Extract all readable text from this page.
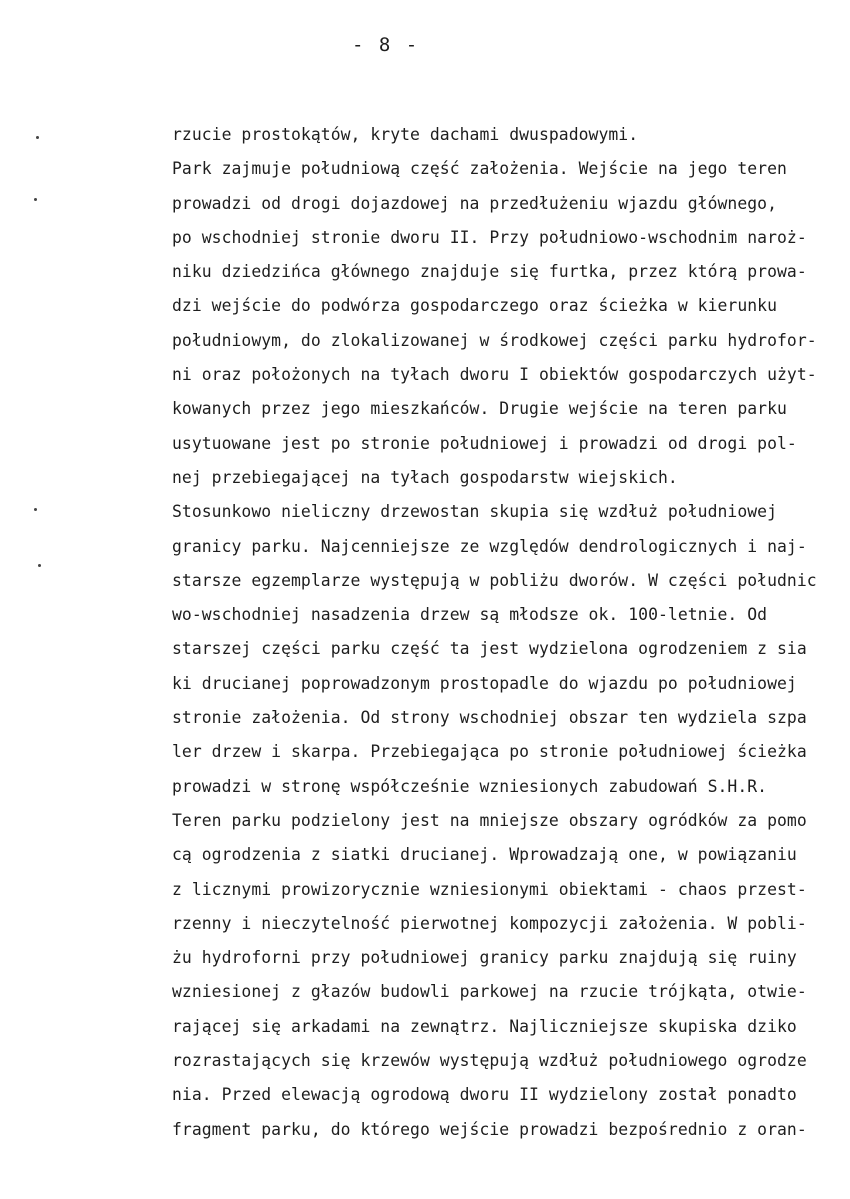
- 8 -
rzucie prostokątów, kryte dachami dwuspadowymi.
Park zajmuje południową część założenia. Wejście na jego teren
prowadzi od drogi dojazdowej na przedłużeniu wjazdu głównego,
po wschodniej stronie dworu II. Przy południowo-wschodnim naroż-
niku dziedzińca głównego znajduje się furtka, przez którą prowa-
dzi wejście do podwórza gospodarczego oraz ścieżka w kierunku
południowym, do zlokalizowanej w środkowej części parku hydrofor-
ni oraz położonych na tyłach dworu I obiektów gospodarczych użyt-
kowanych przez jego mieszkańców. Drugie wejście na teren parku
usytuowane jest po stronie południowej i prowadzi od drogi pol-
nej przebiegającej na tyłach gospodarstw wiejskich.
Stosunkowo nieliczny drzewostan skupia się wzdłuż południowej
granicy parku. Najcenniejsze ze względów dendrologicznych i naj-
starsze egzemplarze występują w pobliżu dworów. W części południc
wo-wschodniej nasadzenia drzew są młodsze ok. 100-letnie. Od
starszej części parku część ta jest wydzielona ogrodzeniem z sia
ki drucianej poprowadzonym prostopadle do wjazdu po południowej
stronie założenia. Od strony wschodniej obszar ten wydziela szpa
ler drzew i skarpa. Przebiegająca po stronie południowej ścieżka
prowadzi w stronę współcześnie wzniesionych zabudowań S.H.R.
Teren parku podzielony jest na mniejsze obszary ogródków za pomo
cą ogrodzenia z siatki drucianej. Wprowadzają one, w powiązaniu
z licznymi prowizorycznie wzniesionymi obiektami - chaos przest-
rzenny i nieczytelność pierwotnej kompozycji założenia. W pobli-
żu hydroforni przy południowej granicy parku znajdują się ruiny
wzniesionej z głazów budowli parkowej na rzucie trójkąta, otwie-
rającej się arkadami na zewnątrz. Najliczniejsze skupiska dziko
rozrastających się krzewów występują wzdłuż południowego ogrodze
nia. Przed elewacją ogrodową dworu II wydzielony został ponadto
fragment parku, do którego wejście prowadzi bezpośrednio z oran-
